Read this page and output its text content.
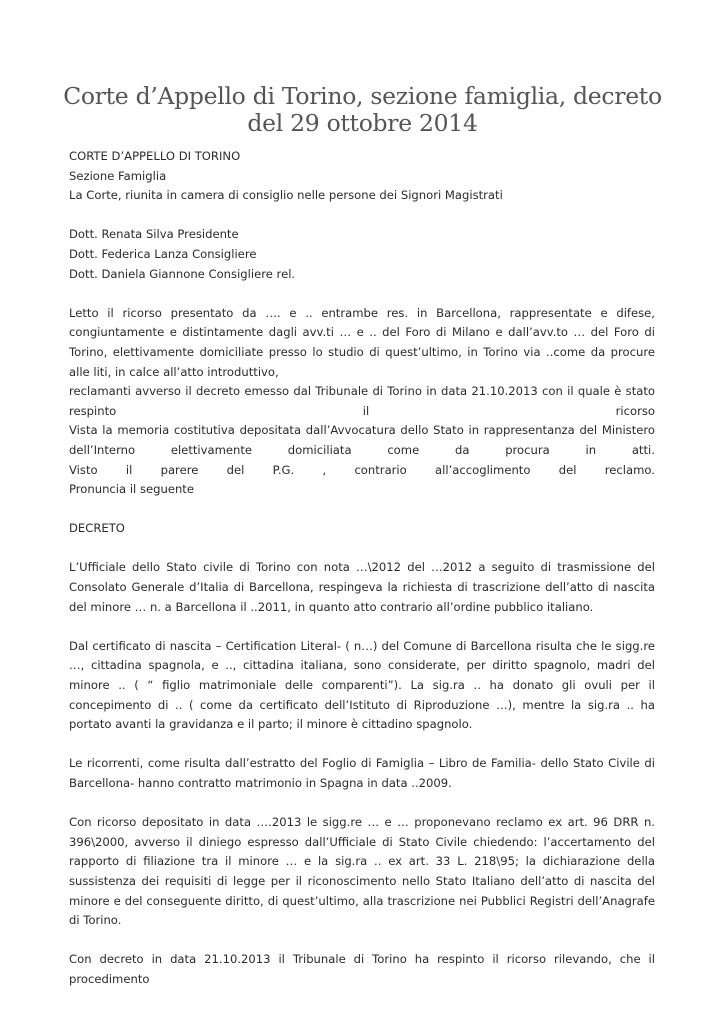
Corte d’Appello di Torino, sezione famiglia, decreto del 29 ottobre 2014
CORTE D’APPELLO DI TORINO
Sezione Famiglia
La Corte, riunita in camera di consiglio nelle persone dei Signori Magistrati
Dott. Renata Silva Presidente
Dott. Federica Lanza Consigliere
Dott. Daniela Giannone Consigliere rel.
Letto il ricorso presentato da …. e .. entrambe res. in Barcellona, rappresentate e difese, congiuntamente e distintamente dagli avv.ti … e .. del Foro di Milano e dall’avv.to … del Foro di Torino, elettivamente domiciliate presso lo studio di quest’ultimo, in Torino via ..come da procure alle liti, in calce all’atto introduttivo,
reclamanti avverso il decreto emesso dal Tribunale di Torino in data 21.10.2013 con il quale è stato
respinto	il	ricorso
Vista la memoria costitutiva depositata dall’Avvocatura dello Stato in rappresentanza del Ministero
dell’Interno	elettivamente	domiciliata	come	da	procura	in	atti.
Visto il parere del P.G. , contrario all’accoglimento del reclamo.
Pronuncia il seguente
DECRETO
L’Ufficiale dello Stato civile di Torino con nota …\2012 del …2012 a seguito di trasmissione del Consolato Generale d’Italia di Barcellona, respingeva la richiesta di trascrizione dell’atto di nascita del minore … n. a Barcellona il ..2011, in quanto atto contrario all’ordine pubblico italiano.
Dal certificato di nascita – Certification Literal- ( n…) del Comune di Barcellona risulta che le sigg.re …, cittadina spagnola, e .., cittadina italiana, sono considerate, per diritto spagnolo, madri del minore .. ( “ figlio matrimoniale delle comparenti”). La sig.ra .. ha donato gli ovuli per il concepimento di .. ( come da certificato dell’Istituto di Riproduzione …), mentre la sig.ra .. ha portato avanti la gravidanza e il parto; il minore è cittadino spagnolo.
Le ricorrenti, come risulta dall’estratto del Foglio di Famiglia – Libro de Familia- dello Stato Civile di Barcellona- hanno contratto matrimonio in Spagna in data ..2009.
Con ricorso depositato in data ….2013 le sigg.re … e … proponevano reclamo ex art. 96 DRR n. 396\2000, avverso il diniego espresso dall’Ufficiale di Stato Civile chiedendo: l’accertamento del rapporto di filiazione tra il minore … e la sig.ra .. ex art. 33 L. 218\95; la dichiarazione della sussistenza dei requisiti di legge per il riconoscimento nello Stato Italiano dell’atto di nascita del minore e del conseguente diritto, di quest’ultimo, alla trascrizione nei Pubblici Registri dell’Anagrafe di Torino.
Con decreto in data 21.10.2013 il Tribunale di Torino ha respinto il ricorso rilevando, che il procedimento
